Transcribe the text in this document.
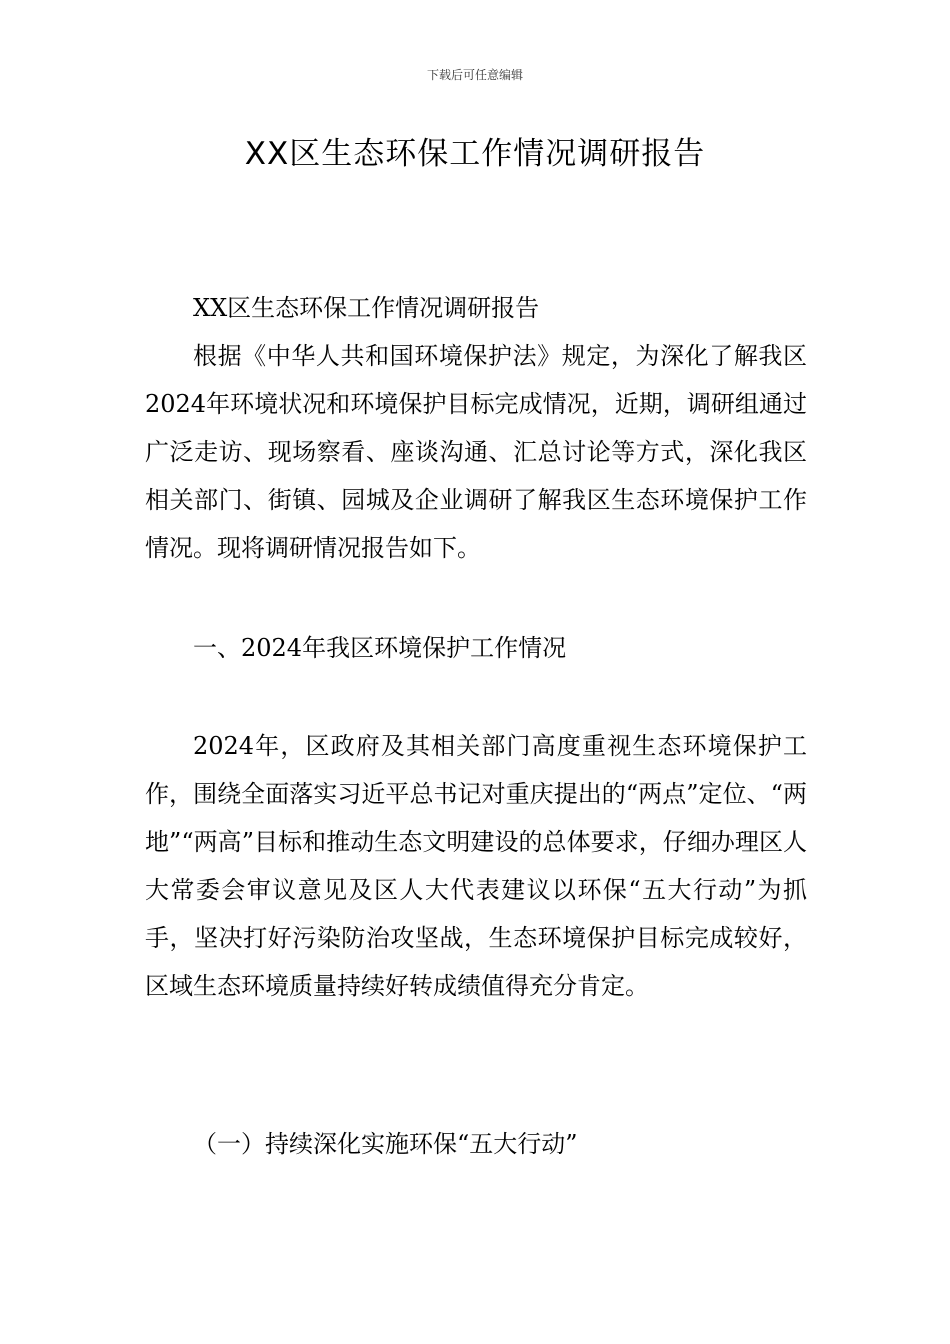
下载后可任意编辑
XX区生态环保工作情况调研报告

XX区生态环保工作情况调研报告

根据《中华人共和国环境保护法》规定，为深化了解我区2024年环境状况和环境保护目标完成情况，近期，调研组通过广泛走访、现场察看、座谈沟通、汇总讨论等方式，深化我区相关部门、街镇、园城及企业调研了解我区生态环境保护工作情况。现将调研情况报告如下。

一、2024年我区环境保护工作情况

2024年，区政府及其相关部门高度重视生态环境保护工作，围绕全面落实习近平总书记对重庆提出的“两点”定位、“两地”“两高”目标和推动生态文明建设的总体要求，仔细办理区人大常委会审议意见及区人大代表建议以环保“五大行动”为抓手，坚决打好污染防治攻坚战，生态环境保护目标完成较好，区域生态环境质量持续好转成绩值得充分肯定。

（一）持续深化实施环保“五大行动”
